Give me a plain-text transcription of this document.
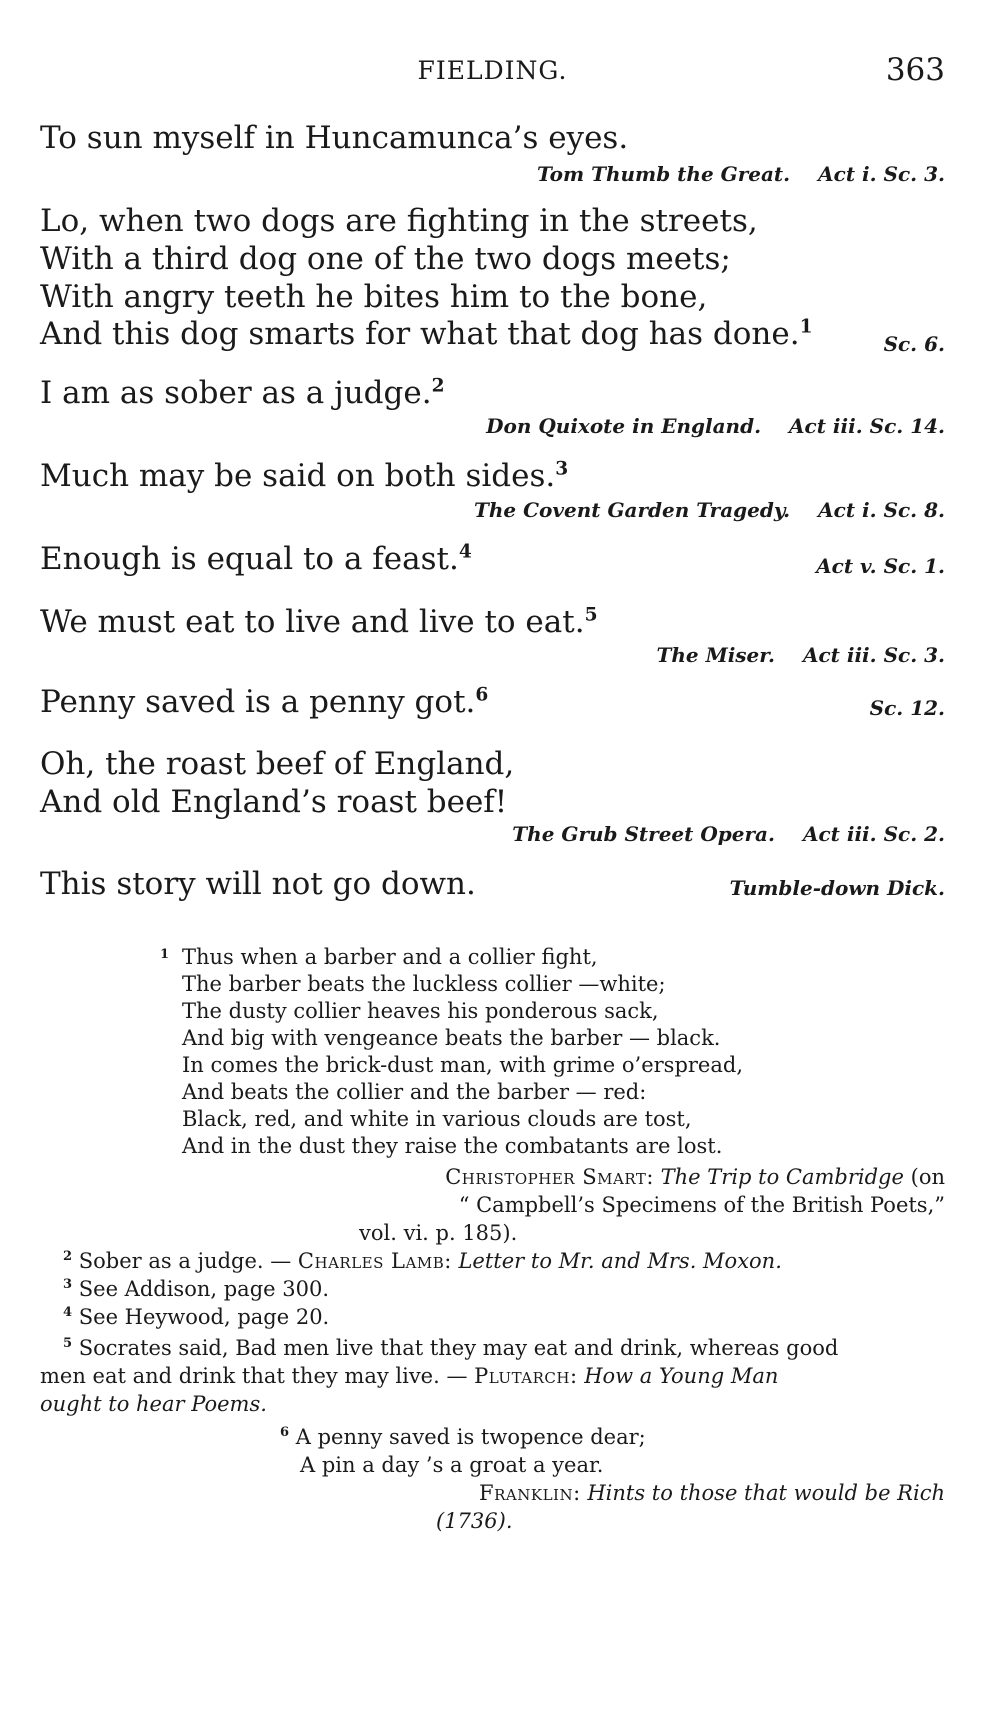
FIELDING.	363
To sun myself in Huncamunca’s eyes.
Tom Thumb the Great. Act i. Sc. 3.
Lo, when two dogs are fighting in the streets,
With a third dog one of the two dogs meets;
With angry teeth he bites him to the bone,
And this dog smarts for what that dog has done.$^1$
Sc. 6.
I am as sober as a judge.$^2$
Don Quixote in England. Act iii. Sc. 14.
Much may be said on both sides.$^3$
The Covent Garden Tragedy. Act i. Sc. 8.
Enough is equal to a feast.$^4$
Act v. Sc. 1.
We must eat to live and live to eat.$^5$
The Miser. Act iii. Sc. 3.
Penny saved is a penny got.$^6$
Sc. 12.
Oh, the roast beef of England,
And old England’s roast beef!
The Grub Street Opera. Act iii. Sc. 2.
This story will not go down.	Tumble-down Dick.
$^1$ Thus when a barber and a collier fight,
The barber beats the luckless collier —white;
The dusty collier heaves his ponderous sack,
And big with vengeance beats the barber — black.
In comes the brick-dust man, with grime o’erspread,
And beats the collier and the barber — red:
Black, red, and white in various clouds are tost,
And in the dust they raise the combatants are lost.
Christopher Smart: The Trip to Cambridge (on
“ Campbell’s Specimens of the British Poets,”
vol. vi. p. 185).
$^2$ Sober as a judge. — Charles Lamb: Letter to Mr. and Mrs. Moxon.
$^3$ See Addison, page 300.
$^4$ See Heywood, page 20.
$^5$ Socrates said, Bad men live that they may eat and drink, whereas good
men eat and drink that they may live. — Plutarch: How a Young Man
ought to hear Poems.
$^6$ A penny saved is twopence dear;
A pin a day ’s a groat a year.
Franklin: Hints to those that would be Rich
(1736).
